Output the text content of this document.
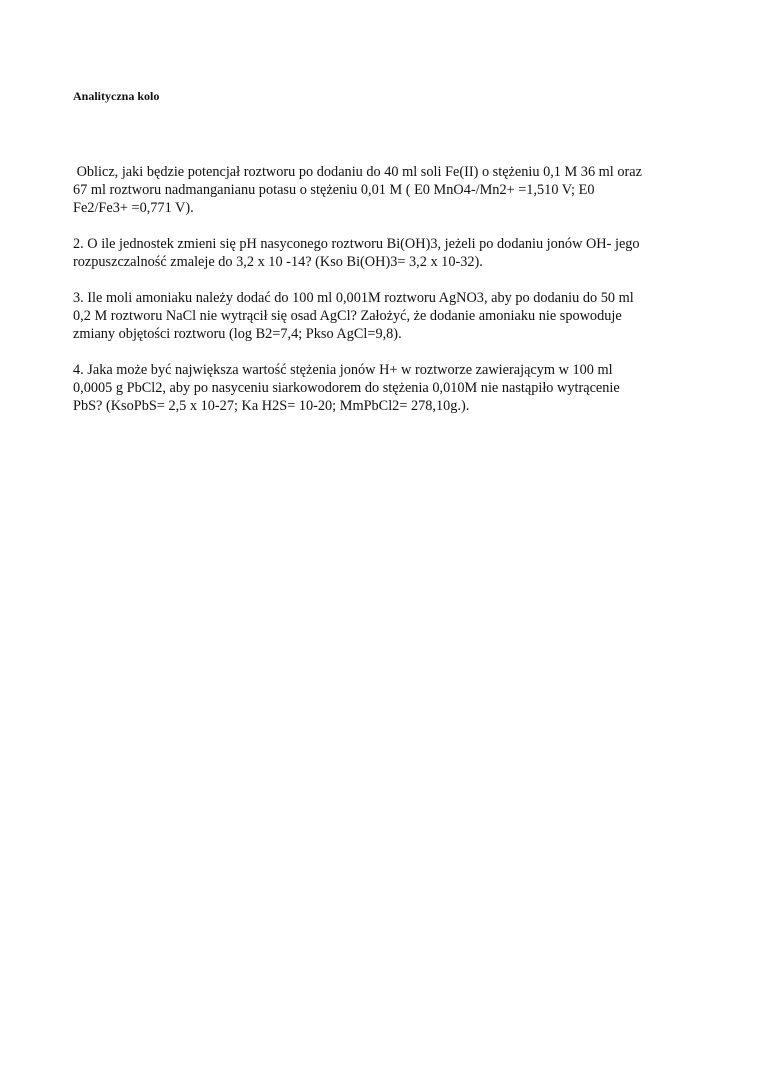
Analityczna kolo

Oblicz, jaki będzie potencjał roztworu po dodaniu do 40 ml soli Fe(II) o stężeniu 0,1 M 36 ml oraz
67 ml roztworu nadmanganianu potasu o stężeniu 0,01 M ( E0 MnO4-/Mn2+ =1,510 V; E0
Fe2/Fe3+ =0,771 V).

2. O ile jednostek zmieni się pH nasyconego roztworu Bi(OH)3, jeżeli po dodaniu jonów OH- jego
rozpuszczalność zmaleje do 3,2 x 10 -14? (Kso Bi(OH)3= 3,2 x 10-32).

3. Ile moli amoniaku należy dodać do 100 ml 0,001M roztworu AgNO3, aby po dodaniu do 50 ml
0,2 M roztworu NaCl nie wytrącił się osad AgCl? Założyć, że dodanie amoniaku nie spowoduje
zmiany objętości roztworu (log B2=7,4; Pkso AgCl=9,8).

4. Jaka może być największa wartość stężenia jonów H+ w roztworze zawierającym w 100 ml
0,0005 g PbCl2, aby po nasyceniu siarkowodorem do stężenia 0,010M nie nastąpiło wytrącenie
PbS? (KsoPbS= 2,5 x 10-27; Ka H2S= 10-20; MmPbCl2= 278,10g.).
